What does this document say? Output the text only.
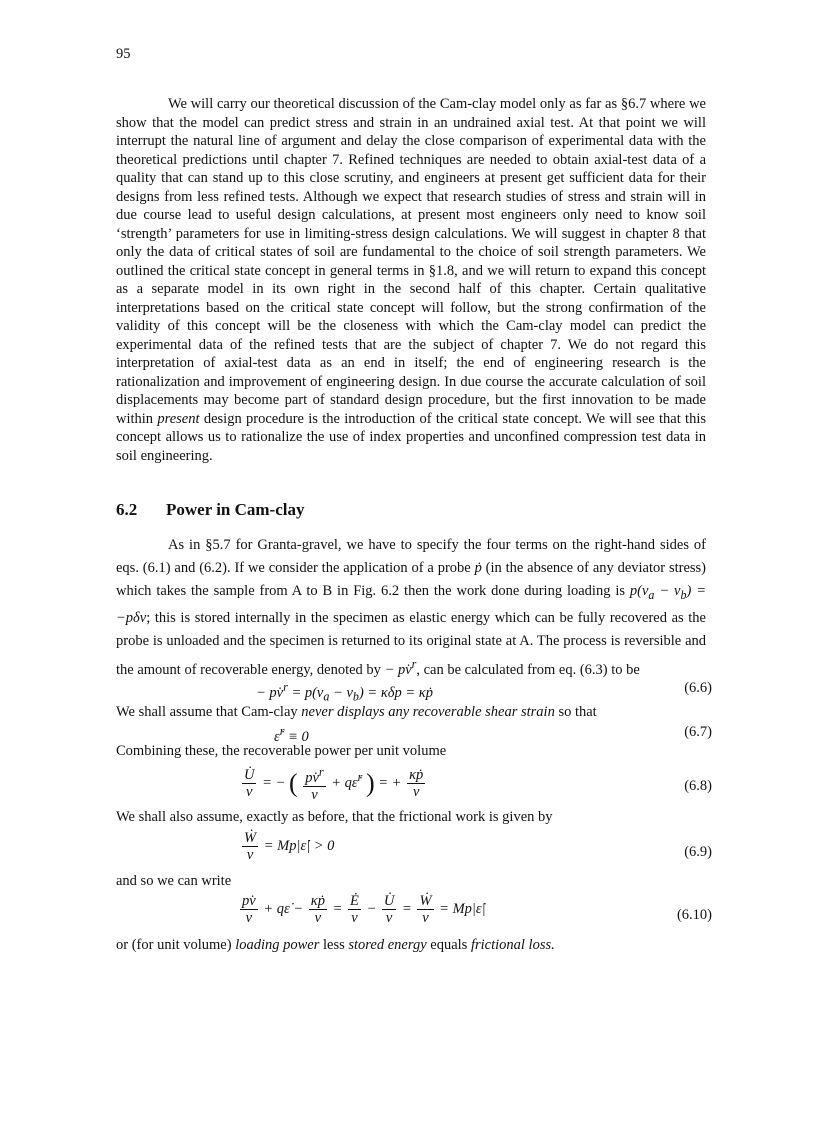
95
We will carry our theoretical discussion of the Cam-clay model only as far as §6.7 where we show that the model can predict stress and strain in an undrained axial test. At that point we will interrupt the natural line of argument and delay the close comparison of experimental data with the theoretical predictions until chapter 7. Refined techniques are needed to obtain axial-test data of a quality that can stand up to this close scrutiny, and engineers at present get sufficient data for their designs from less refined tests. Although we expect that research studies of stress and strain will in due course lead to useful design calculations, at present most engineers only need to know soil ‘strength’ parameters for use in limiting-stress design calculations. We will suggest in chapter 8 that only the data of critical states of soil are fundamental to the choice of soil strength parameters. We outlined the critical state concept in general terms in §1.8, and we will return to expand this concept as a separate model in its own right in the second half of this chapter. Certain qualitative interpretations based on the critical state concept will follow, but the strong confirmation of the validity of this concept will be the closeness with which the Cam-clay model can predict the experimental data of the refined tests that are the subject of chapter 7. We do not regard this interpretation of axial-test data as an end in itself; the end of engineering research is the rationalization and improvement of engineering design. In due course the accurate calculation of soil displacements may become part of standard design procedure, but the first innovation to be made within present design procedure is the introduction of the critical state concept. We will see that this concept allows us to rationalize the use of index properties and unconfined compression test data in soil engineering.
6.2 Power in Cam-clay
As in §5.7 for Granta-gravel, we have to specify the four terms on the right-hand sides of eqs. (6.1) and (6.2). If we consider the application of a probe ṗ (in the absence of any deviator stress) which takes the sample from A to B in Fig. 6.2 then the work done during loading is $p(v_a - v_b) = -p\delta v$; this is stored internally in the specimen as elastic energy which can be fully recovered as the probe is unloaded and the specimen is returned to its original state at A. The process is reversible and the amount of recoverable energy, denoted by − pv̇$^r$, can be calculated from eq. (6.3) to be
− pv̇$^r$ = $p(v_a - v_b) = \kappa\delta p$ = κṗ	(6.6)
We shall assume that Cam-clay never displays any recoverable shear strain so that
ε̇$^r$ ≡ 0	(6.7)
Combining these, the recoverable power per unit volume
$\frac{U̇}{v}$ = − ( $\frac{pv̇^r}{v}$ + qε̇$^r$ ) = + $\frac{\text{κṗ}}{v}$	(6.8)
We shall also assume, exactly as before, that the frictional work is given by
$\frac{\text{Ẇ}}{v}$ = Mp|ε̇| > 0	(6.9)
and so we can write
$\frac{pv̇}{v}$ + qε̇ − $\frac{\text{κṗ}}{v} = \frac{Ė}{v} - \frac{U̇}{v} = \frac{\text{Ẇ}}{v}$ = Mp|ε̇|	(6.10)
or (for unit volume) loading power less stored energy equals frictional loss.
